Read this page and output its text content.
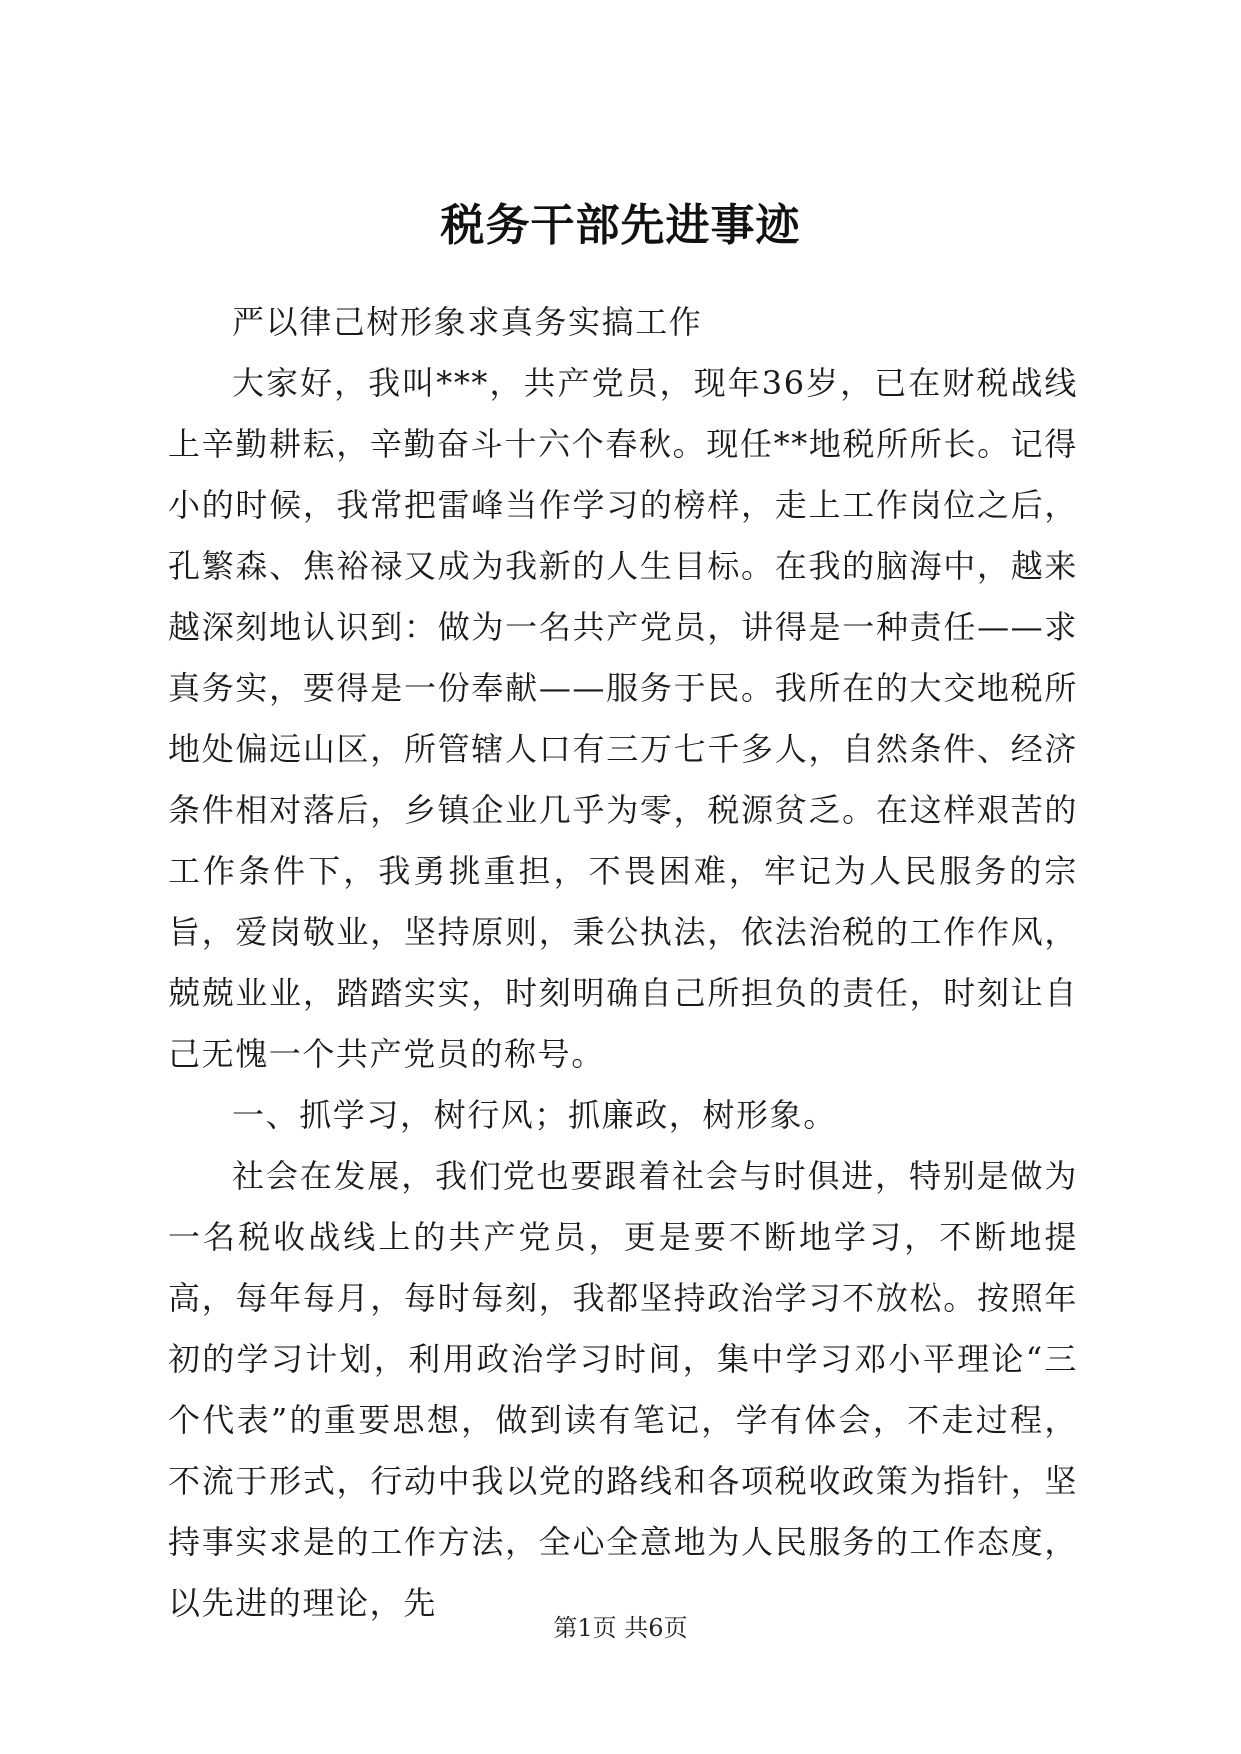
税务干部先进事迹

严以律己树形象求真务实搞工作

大家好，我叫***，共产党员，现年36岁，已在财税战线上辛勤耕耘，辛勤奋斗十六个春秋。现任**地税所所长。记得小的时候，我常把雷峰当作学习的榜样，走上工作岗位之后，孔繁森、焦裕禄又成为我新的人生目标。在我的脑海中，越来越深刻地认识到：做为一名共产党员，讲得是一种责任——求真务实，要得是一份奉献——服务于民。我所在的大交地税所地处偏远山区，所管辖人口有三万七千多人，自然条件、经济条件相对落后，乡镇企业几乎为零，税源贫乏。在这样艰苦的工作条件下，我勇挑重担，不畏困难，牢记为人民服务的宗旨，爱岗敬业，坚持原则，秉公执法，依法治税的工作作风，兢兢业业，踏踏实实，时刻明确自己所担负的责任，时刻让自己无愧一个共产党员的称号。

一、抓学习，树行风；抓廉政，树形象。

社会在发展，我们党也要跟着社会与时俱进，特别是做为一名税收战线上的共产党员，更是要不断地学习，不断地提高，每年每月，每时每刻，我都坚持政治学习不放松。按照年初的学习计划，利用政治学习时间，集中学习邓小平理论“三个代表”的重要思想，做到读有笔记，学有体会，不走过程，不流于形式，行动中我以党的路线和各项税收政策为指针，坚持事实求是的工作方法，全心全意地为人民服务的工作态度，以先进的理论，先

第1页 共6页
